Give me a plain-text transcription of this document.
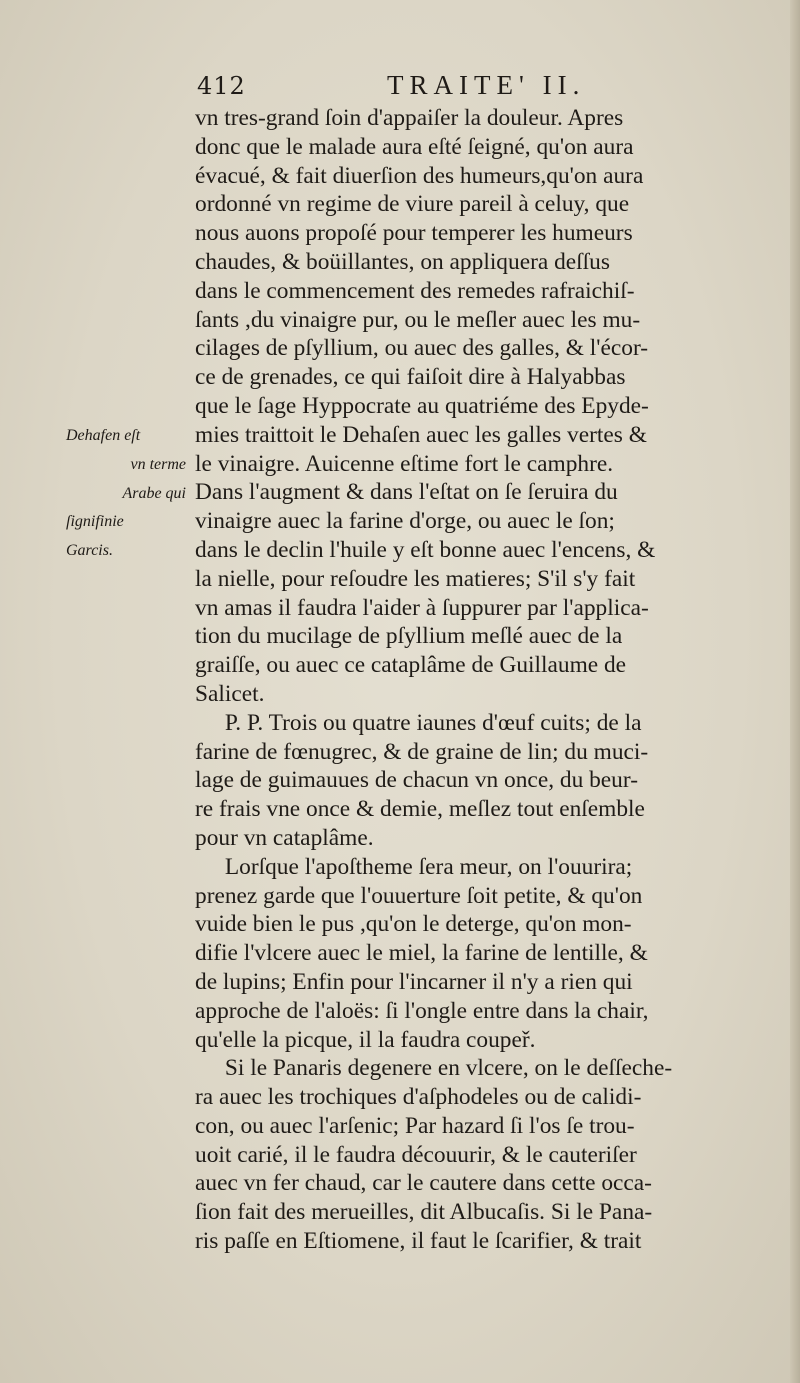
412	TRAITE' II.
Dehafen eſt
vn terme
Arabe qui
ſignifinie
Garcis.
vn tres-grand ſoin d'appaiſer la douleur. Apres
donc que le malade aura eſté ſeigné, qu'on aura
évacué, & fait diuerſion des humeurs,qu'on aura
ordonné vn regime de viure pareil à celuy, que
nous auons propoſé pour temperer les humeurs
chaudes, & boüillantes, on appliquera deſſus
dans le commencement des remedes rafraichiſ-
ſants ,du vinaigre pur, ou le meſler auec les mu-
cilages de pſyllium, ou auec des galles, & l'écor-
ce de grenades, ce qui faiſoit dire à Halyabbas
que le ſage Hyppocrate au quatriéme des Epyde-
mies traittoit le Dehaſen auec les galles vertes &
le vinaigre. Auicenne eſtime fort le camphre.
Dans l'augment & dans l'eſtat on ſe ſeruira du
vinaigre auec la farine d'orge, ou auec le ſon;
dans le declin l'huile y eſt bonne auec l'encens, &
la nielle, pour reſoudre les matieres; S'il s'y fait
vn amas il faudra l'aider à ſuppurer par l'applica-
tion du mucilage de pſyllium meſlé auec de la
graiſſe, ou auec ce cataplâme de Guillaume de
Salicet.
P. P. Trois ou quatre iaunes d'œuf cuits; de la
farine de fœnugrec, & de graine de lin; du muci-
lage de guimauues de chacun vn once, du beur-
re frais vne once & demie, meſlez tout enſemble
pour vn cataplâme.
Lorſque l'apoſtheme ſera meur, on l'ouurira;
prenez garde que l'ouuerture ſoit petite, & qu'on
vuide bien le pus ,qu'on le deterge, qu'on mon-
difie l'vlcere auec le miel, la farine de lentille, &
de lupins; Enfin pour l'incarner il n'y a rien qui
approche de l'aloës: ſi l'ongle entre dans la chair,
qu'elle la picque, il la faudra coupeř.
Si le Panaris degenere en vlcere, on le deſſeche-
ra auec les trochiques d'aſphodeles ou de calidi-
con, ou auec l'arſenic; Par hazard ſi l'os ſe trou-
uoit carié, il le faudra découurir, & le cauteriſer
auec vn fer chaud, car le cautere dans cette occa-
ſion fait des merueilles, dit Albucaſis. Si le Pana-
ris paſſe en Eſtiomene, il faut le ſcarifier, & trait
